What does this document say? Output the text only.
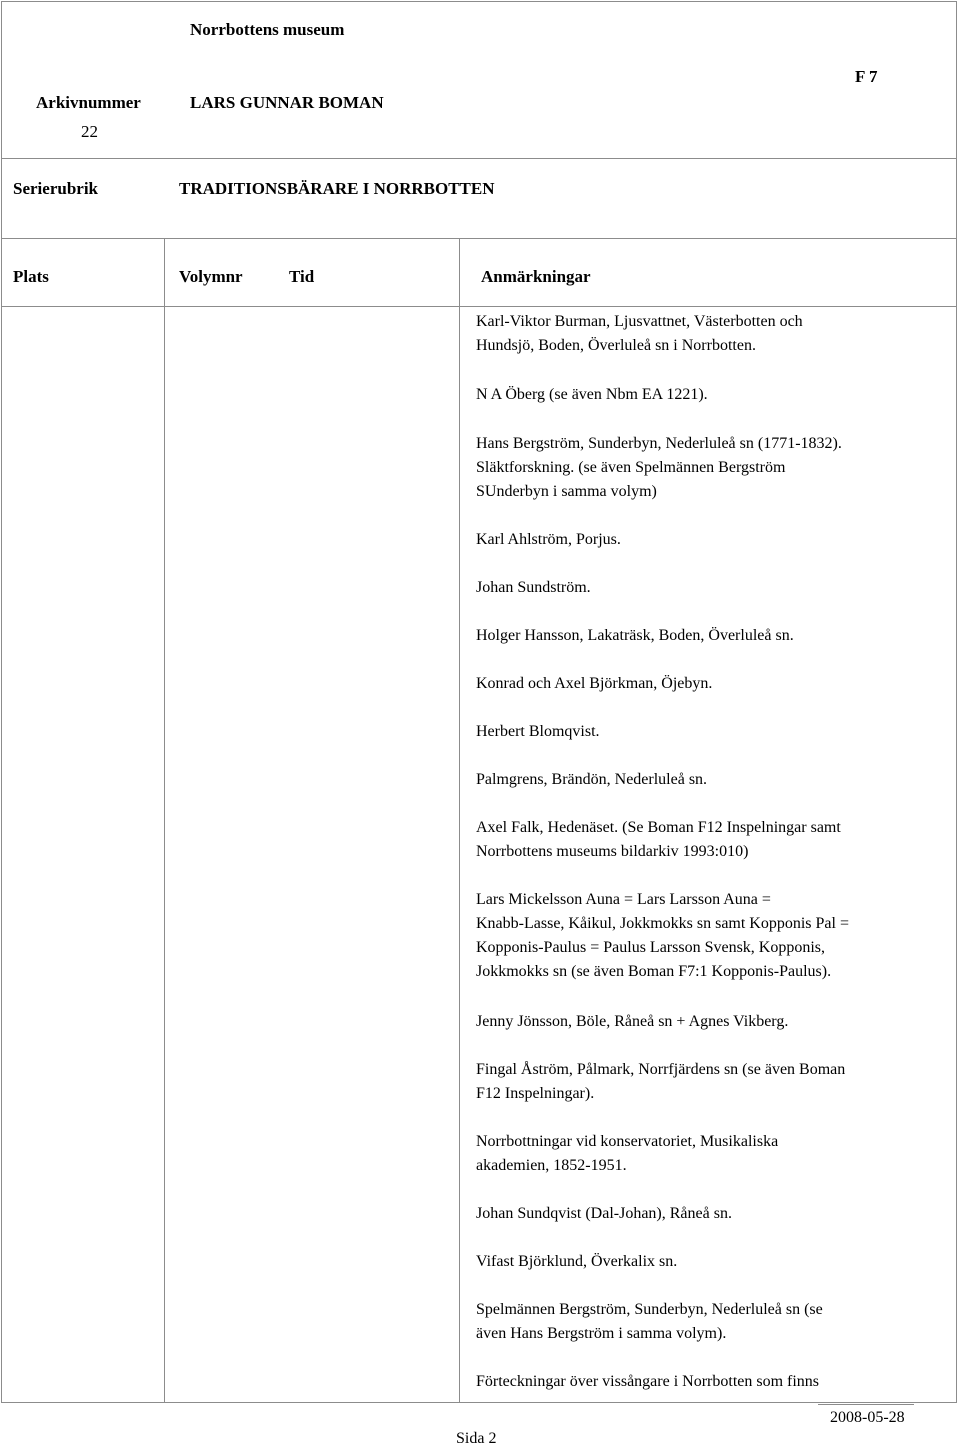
Norrbottens museum
Arkivnummer
22
LARS GUNNAR BOMAN
F 7
Serierubrik	TRADITIONSBÄRARE I NORRBOTTEN
Plats	Volymnr	Tid	Anmärkningar
Karl-Viktor Burman, Ljusvattnet, Västerbotten och
Hundsjö, Boden, Överluleå sn i Norrbotten.
N A Öberg (se även Nbm EA 1221).
Hans Bergström, Sunderbyn, Nederluleå sn (1771-1832).
Släktforskning. (se även Spelmännen Bergström
SUnderbyn i samma volym)
Karl Ahlström, Porjus.
Johan Sundström.
Holger Hansson, Lakaträsk, Boden, Överluleå sn.
Konrad och Axel Björkman, Öjebyn.
Herbert Blomqvist.
Palmgrens, Brändön, Nederluleå sn.
Axel Falk, Hedenäset. (Se Boman F12 Inspelningar samt
Norrbottens museums bildarkiv 1993:010)
Lars Mickelsson Auna = Lars Larsson Auna =
Knabb-Lasse, Kåikul, Jokkmokks sn samt Kopponis Pal =
Kopponis-Paulus = Paulus Larsson Svensk, Kopponis,
Jokkmokks sn (se även Boman F7:1 Kopponis-Paulus).
Jenny Jönsson, Böle, Råneå sn + Agnes Vikberg.
Fingal Åström, Pålmark, Norrfjärdens sn (se även Boman
F12 Inspelningar).
Norrbottningar vid konservatoriet, Musikaliska
akademien, 1852-1951.
Johan Sundqvist (Dal-Johan), Råneå sn.
Vifast Björklund, Överkalix sn.
Spelmännen Bergström, Sunderbyn, Nederluleå sn (se
även Hans Bergström i samma volym).
Förteckningar över vissångare i Norrbotten som finns
Sida 2
2008-05-28
